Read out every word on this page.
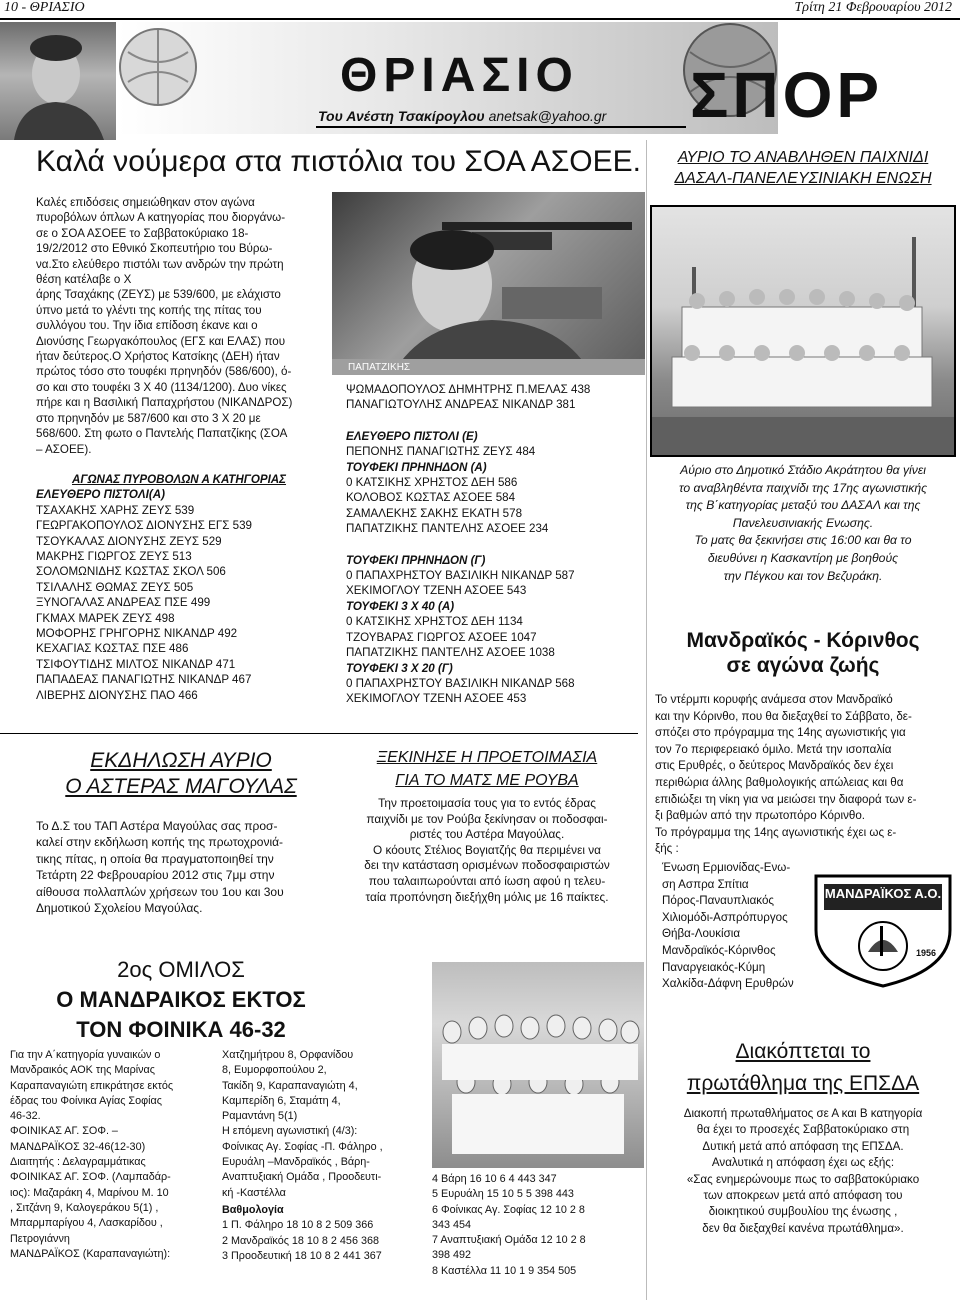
10 - ΘΡΙΑΣΙΟ	Τρίτη 21 Φεβρουαρίου 2012
ΘΡΙΑΣΙΟ
Του Ανέστη Τσακίρογλου anetsak@yahoo.gr ΣΠΟΡ
Καλά νούμερα στα πιστόλια του ΣΟΑ ΑΣΟΕΕ.
Καλές επιδόσεις σημειώθηκαν στον αγώνα
πυροβόλων όπλων Α κατηγορίας που διοργάνω-
σε ο ΣΟΑ ΑΣΟΕΕ το Σαββατοκύριακο 18-
19/2/2012 στο Εθνικό Σκοπευτήριο του Βύρω-
να.Στο ελεύθερο πιστόλι των ανδρών την πρώτη
θέση κατέλαβε ο Χ
άρης Τσαχάκης (ΖΕΥΣ) με 539/600, με ελάχιστο
ύπνο μετά το γλέντι της κοπής της πίτας του
συλλόγου του. Την ίδια επίδοση έκανε και ο
Διονύσης Γεωργακόπουλος (ΕΓΣ και ΕΛΑΣ) που
ήταν δεύτερος.Ο Χρήστος Κατσίκης (ΔΕΗ) ήταν
πρώτος τόσο στο τουφέκι πρηνηδόν (586/600), ό-
σο και στο τουφέκι 3 Χ 40 (1134/1200). Δυο νίκες
πήρε και η Βασιλική Παπαχρήστου (ΝΙΚΑΝΔΡΟΣ)
στο πρηνηδόν με 587/600 και στο 3 Χ 20 με
568/600. Στη φωτο ο Παντελής Παπατζίκης (ΣΟΑ
– ΑΣΟΕΕ).
ΑΓΩΝΑΣ ΠΥΡΟΒΟΛΩΝ Α ΚΑΤΗΓΟΡΙΑΣ
ΕΛΕΥΘΕΡΟ ΠΙΣΤΟΛΙ(Α)
ΤΣΑΧΑΚΗΣ ΧΑΡΗΣ ΖΕΥΣ 539
ΓΕΩΡΓΑΚΟΠΟΥΛΟΣ ΔΙΟΝΥΣΗΣ ΕΓΣ 539
ΤΣΟΥΚΑΛΑΣ ΔΙΟΝΥΣΗΣ ΖΕΥΣ 529
ΜΑΚΡΗΣ ΓΙΩΡΓΟΣ ΖΕΥΣ 513
ΣΟΛΟΜΩΝΙΔΗΣ ΚΩΣΤΑΣ ΣΚΟΛ 506
ΤΣΙΛΑΛΗΣ ΘΩΜΑΣ ΖΕΥΣ 505
ΞΥΝΟΓΑΛΑΣ ΑΝΔΡΕΑΣ ΠΣΕ 499
ΓΚΜΑΧ ΜΑΡΕΚ ΖΕΥΣ 498
ΜΟΦΟΡΗΣ ΓΡΗΓΟΡΗΣ ΝΙΚΑΝΔΡ 492
ΚΕΧΑΓΙΑΣ ΚΩΣΤΑΣ ΠΣΕ 486
ΤΣΙΦΟΥΤΙΔΗΣ ΜΙΛΤΟΣ ΝΙΚΑΝΔΡ 471
ΠΑΠΑΔΕΑΣ ΠΑΝΑΓΙΩΤΗΣ ΝΙΚΑΝΔΡ 467
ΛΙΒΕΡΗΣ ΔΙΟΝΥΣΗΣ ΠΑΟ 466
ΠΑΠΑΤΖΙΚΗΣ
ΨΩΜΑΔΟΠΟΥΛΟΣ ΔΗΜΗΤΡΗΣ Π.ΜΕΛΑΣ 438
ΠΑΝΑΓΙΩΤΟΥΛΗΣ ΑΝΔΡΕΑΣ ΝΙΚΑΝΔΡ 381
ΕΛΕΥΘΕΡΟ ΠΙΣΤΟΛΙ (Ε)
ΠΕΠΟΝΗΣ ΠΑΝΑΓΙΩΤΗΣ ΖΕΥΣ 484
ΤΟΥΦΕΚΙ ΠΡΗΝΗΔΟΝ (Α)
0 ΚΑΤΣΙΚΗΣ ΧΡΗΣΤΟΣ ΔΕΗ 586
ΚΟΛΟΒΟΣ ΚΩΣΤΑΣ ΑΣΟΕΕ 584
ΣΑΜΑΛΕΚΗΣ ΣΑΚΗΣ ΕΚΑΤΗ 578
ΠΑΠΑΤΖΙΚΗΣ ΠΑΝΤΕΛΗΣ ΑΣΟΕΕ 234
ΤΟΥΦΕΚΙ ΠΡΗΝΗΔΟΝ (Γ)
0 ΠΑΠΑΧΡΗΣΤΟΥ ΒΑΣΙΛΙΚΗ ΝΙΚΑΝΔΡ 587
ΧΕΚΙΜΟΓΛΟΥ ΤΖΕΝΗ ΑΣΟΕΕ 543
ΤΟΥΦΕΚΙ 3 Χ 40 (Α)
0 ΚΑΤΣΙΚΗΣ ΧΡΗΣΤΟΣ ΔΕΗ 1134
ΤΖΟΥΒΑΡΑΣ ΓΙΩΡΓΟΣ ΑΣΟΕΕ 1047
ΠΑΠΑΤΖΙΚΗΣ ΠΑΝΤΕΛΗΣ ΑΣΟΕΕ 1038
ΤΟΥΦΕΚΙ 3 Χ 20 (Γ)
0 ΠΑΠΑΧΡΗΣΤΟΥ ΒΑΣΙΛΙΚΗ ΝΙΚΑΝΔΡ 568
ΧΕΚΙΜΟΓΛΟΥ ΤΖΕΝΗ ΑΣΟΕΕ 453
ΕΚΔΗΛΩΣΗ ΑΥΡΙΟ
Ο ΑΣΤΕΡΑΣ ΜΑΓΟΥΛΑΣ
Το Δ.Σ του ΤΑΠ Αστέρα Μαγούλας σας προσ-
καλεί στην εκδήλωση κοπής της πρωτοχρονιά-
τικης πίτας, η οποία θα πραγματοποιηθεί την
Τετάρτη 22 Φεβρουαρίου 2012 στις 7μμ στην
αίθουσα πολλαπλών χρήσεων του 1ου και 3ου
Δημοτικού Σχολείου Μαγούλας.
ΞΕΚΙΝΗΣΕ Η ΠΡΟΕΤΟΙΜΑΣΙΑ
ΓΙΑ ΤΟ ΜΑΤΣ ΜΕ ΡΟΥΒΑ
Την προετοιμασία τους για το εντός έδρας
παιχνίδι με τον Ρούβα ξεκίνησαν οι ποδοσφαι-
ριστές του Αστέρα Μαγούλας.
Ο κόουτς Στέλιος Βογιατζής θα περιμένει να
δει την κατάσταση ορισμένων ποδοσφαιριστών
που ταλαιπωρούνται από ίωση αφού η τελευ-
ταία προπόνηση διεξήχθη μόλις με 16 παίκτες.
2ος ΟΜΙΛΟΣ
Ο ΜΑΝΔΡΑΙΚΟΣ ΕΚΤΟΣ
ΤΟΝ ΦΟΙΝΙΚΑ 46-32
Για την Α΄κατηγορία γυναικών ο
Μανδραικός ΑΟΚ της Μαρίνας
Καραπαναγιώτη επικράτησε εκτός
έδρας του Φοίνικα Αγίας Σοφίας
46-32.
ΦΟΙΝΙΚΑΣ ΑΓ. ΣΟΦ. –
ΜΑΝΔΡΑΪΚΟΣ 32-46(12-30)
Διαιτητής : Δελαγραμμάτικας
ΦΟΙΝΙΚΑΣ ΑΓ. ΣΟΦ. (Λαμπαδάρ-
ιος): Μαζαράκη 4, Μαρίνου Μ. 10
, Σιτζάνη 9, Καλογεράκου 5(1) ,
Μπαρμπαρίγου 4, Λασκαρίδου ,
Πετρογιάννη
ΜΑΝΔΡΑΪΚΟΣ (Καραπαναγιώτη):
Χατζημήτρου 8, Ορφανίδου
8, Ευμορφοπούλου 2,
Τακίδη 9, Καραπαναγιώτη 4,
Καμπερίδη 6, Σταμάτη 4,
Ραμαντάνη 5(1)
Η επόμενη αγωνιστική (4/3):
Φοίνικας Αγ. Σοφίας -Π. Φάληρο ,
Ευρυάλη –Μανδραϊκός , Βάρη-
Αναπτυξιακή Ομάδα , Προοδευτι-
κή -Καστέλλα
Βαθμολογία
1 Π. Φάληρο 18 10 8 2 509 366
2 Μανδραϊκός 18 10 8 2 456 368
3 Προοδευτική 18 10 8 2 441 367
4 Βάρη 16 10 6 4 443 347
5 Ευρυάλη 15 10 5 5 398 443
6 Φοίνικας Αγ. Σοφίας 12 10 2 8
343 454
7 Αναπτυξιακή Ομάδα 12 10 2 8
398 492
8 Καστέλλα 11 10 1 9 354 505
ΑΥΡΙΟ ΤΟ ΑΝΑΒΛΗΘΕΝ ΠΑΙΧΝΙΔΙ
ΔΑΣΑΛ-ΠΑΝΕΛΕΥΣΙΝΙΑΚΗ ΕΝΩΣΗ
Αύριο στο Δημοτικό Στάδιο Ακράτητου θα γίνει
το αναβληθέντα παιχνίδι της 17ης αγωνιστικής
της Β΄κατηγορίας μεταξύ του ΔΑΣΑΛ και της
Πανελευσινιακής Ενωσης.
Το ματς θα ξεκινήσει στις 16:00 και θα το
διευθύνει η Κασκαντίρη με βοηθούς
την Πέγκου και τον Βεζυράκη.
Μανδραϊκός - Κόρινθος
σε αγώνα ζωής
Το ντέρμπι κορυφής ανάμεσα στον Μανδραϊκό
και την Κόρινθο, που θα διεξαχθεί το Σάββατο, δε-
σπόζει στο πρόγραμμα της 14ης αγωνιστικής για
τον 7ο περιφερειακό όμιλο. Μετά την ισοπαλία
στις Ερυθρές, ο δεύτερος Μανδραϊκός δεν έχει
περιθώρια άλλης βαθμολογικής απώλειας και θα
επιδιώξει τη νίκη για να μειώσει την διαφορά των ε-
ξι βαθμών από την πρωτοπόρο Κόρινθο.
Το πρόγραμμα της 14ης αγωνιστικής έχει ως ε-
ξής :
Ένωση Ερμιονίδας-Ενω-
ση Ασπρα Σπίτια
Πόρος-Παναυπλιακός
Χιλιομόδι-Ασπρόπυργος
Θήβα-Λουκίσια
Μανδραϊκός-Κόρινθος
Παναργειακός-Κύμη
Χαλκίδα-Δάφνη Ερυθρών
ΜΑΝΔΡΑΪΚΟΣ Α.Ο.
1956
Διακόπτεται το
πρωτάθλημα της ΕΠΣΔΑ
Διακοπή πρωταθλήματος σε Α και Β κατηγορία
θα έχει το προσεχές Σαββατοκύριακο στη
Δυτική μετά από απόφαση της ΕΠΣΔΑ.
Αναλυτικά η απόφαση έχει ως εξής:
«Σας ενημερώνουμε πως το σαββατοκύριακο
των αποκρεων μετά από απόφαση του
διοικητικού συμβουλίου της ένωσης ,
δεν θα διεξαχθεί κανένα πρωτάθλημα».
